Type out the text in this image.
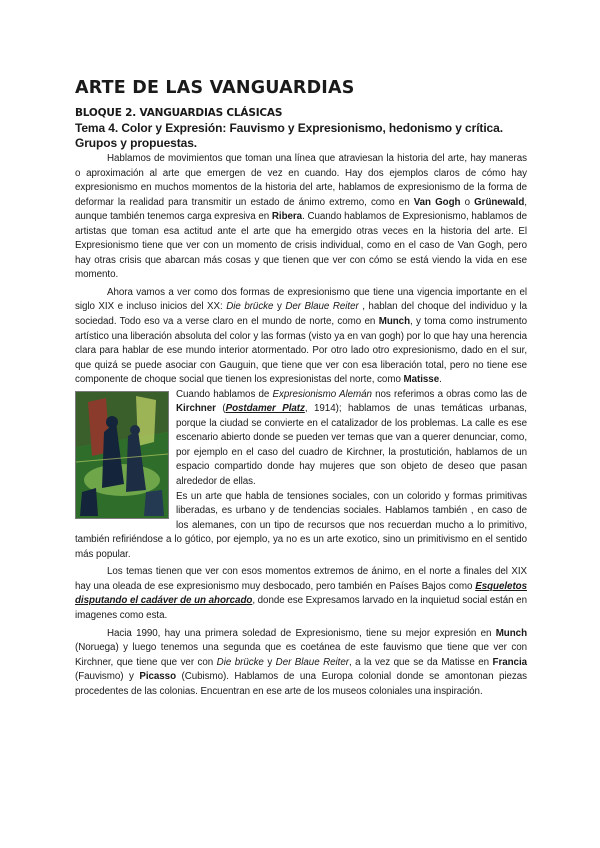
ARTE DE LAS VANGUARDIAS
BLOQUE 2. VANGUARDIAS CLÁSICAS
Tema 4. Color y Expresión: Fauvismo y Expresionismo, hedonismo y crítica. Grupos y propuestas.

Hablamos de movimientos que toman una línea que atraviesan la historia del arte, hay maneras o aproximación al arte que emergen de vez en cuando. Hay dos ejemplos claros de cómo hay expresionismo en muchos momentos de la historia del arte, hablamos de expresionismo de la forma de deformar la realidad para transmitir un estado de ánimo extremo, como en Van Gogh o Grünewald, aunque también tenemos carga expresiva en Ribera. Cuando hablamos de Expresionismo, hablamos de artistas que toman esa actitud ante el arte que ha emergido otras veces en la historia del arte. El Expresionismo tiene que ver con un momento de crisis individual, como en el caso de Van Gogh, pero hay otras crisis que abarcan más cosas y que tienen que ver con cómo se está viendo la vida en ese momento.

Ahora vamos a ver como dos formas de expresionismo que tiene una vigencia importante en el siglo XIX e incluso inicios del XX: Die brücke y Der Blaue Reiter , hablan del choque del individuo y la sociedad. Todo eso va a verse claro en el mundo de norte, como en Munch, y toma como instrumento artístico una liberación absoluta del color y las formas (visto ya en van gogh) por lo que hay una herencia clara para hablar de ese mundo interior atormentado. Por otro lado otro expresionismo, dado en el sur, que quizá se puede asociar con Gauguin, que tiene que ver con esa liberación total, pero no tiene ese componente de choque social que tienen los expresionistas del norte, como Matisse.

Cuando hablamos de Expresionismo Alemán nos referimos a obras como las de Kirchner (Postdamer Platz, 1914); hablamos de unas temáticas urbanas, porque la ciudad se convierte en el catalizador de los problemas. La calle es ese escenario abierto donde se pueden ver temas que van a querer denunciar, como, por ejemplo en el caso del cuadro de Kirchner, la prostutición, hablamos de un espacio compartido donde hay mujeres que son objeto de deseo que pasan alrededor de ellas.

Es un arte que habla de tensiones sociales, con un colorido y formas primitivas liberadas, es urbano y de tendencias sociales. Hablamos también , en caso de los alemanes, con un tipo de recursos que nos recuerdan mucho a lo primitivo, también refiriéndose a lo gótico, por ejemplo, ya no es un arte exotico, sino un primitivismo en el sentido más popular.

Los temas tienen que ver con esos momentos extremos de ánimo, en el norte a finales del XIX hay una oleada de ese expresionismo muy desbocado, pero también en Países Bajos como Esqueletos disputando el cadáver de un ahorcado, donde ese Expresamos larvado en la inquietud social están en imagenes como esta.

Hacia 1990, hay una primera soledad de Expresionismo, tiene su mejor expresión en Munch (Noruega) y luego tenemos una segunda que es coetánea de este fauvismo que tiene que ver con Kirchner, que tiene que ver con Die brücke y Der Blaue Reiter, a la vez que se da Matisse en Francia (Fauvismo) y Picasso (Cubismo). Hablamos de una Europa colonial donde se amontonan piezas procedentes de las colonias. Encuentran en ese arte de los museos coloniales una inspiración.
